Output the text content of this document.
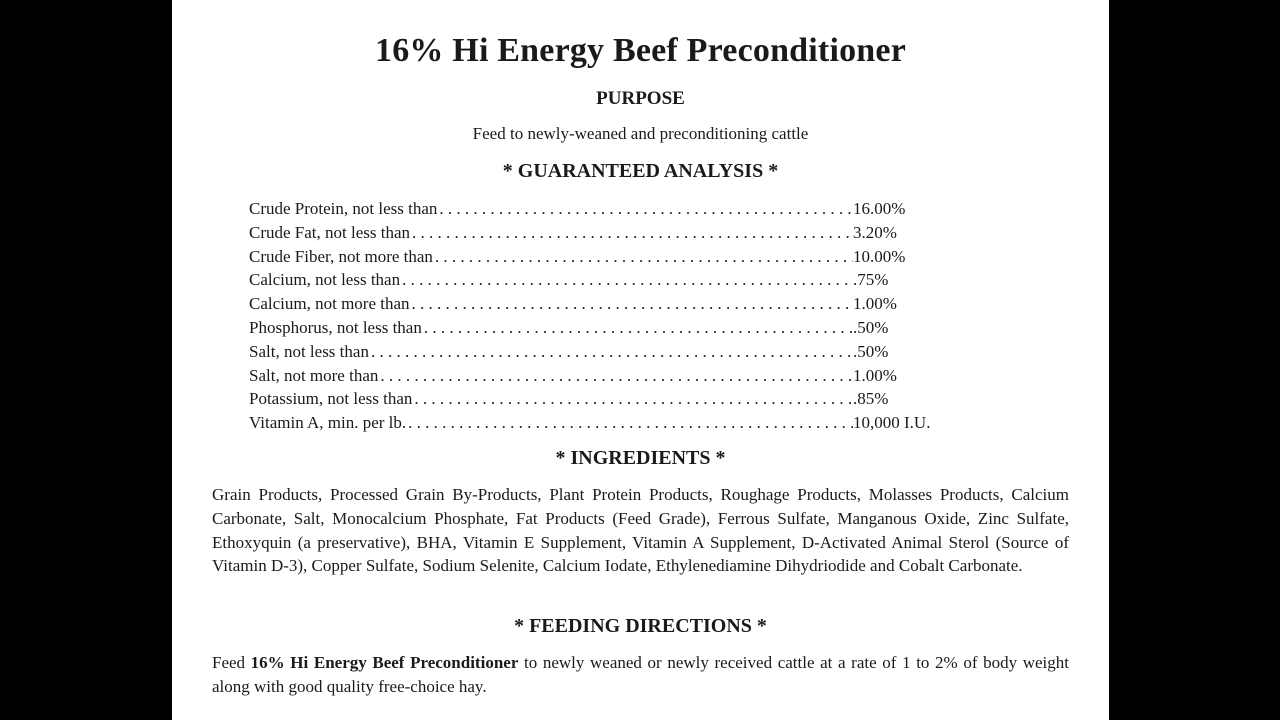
16% Hi Energy Beef Preconditioner
PURPOSE
Feed to newly-weaned and preconditioning cattle
* GUARANTEED ANALYSIS *
Crude Protein, not less than . . .	16.00%
Crude Fat, not less than . . .	3.20%
Crude Fiber, not more than . . .	10.00%
Calcium, not less than . . .	.75%
Calcium, not more than . . .	1.00%
Phosphorus, not less than . . .	.50%
Salt, not less than . . .	.50%
Salt, not more than . . .	1.00%
Potassium, not less than . . .	.85%
Vitamin A, min. per lb. . . .	10,000 I.U.
* INGREDIENTS *
Grain Products, Processed Grain By-Products, Plant Protein Products, Roughage Products, Molasses Products, Calcium Carbonate, Salt, Monocalcium Phosphate, Fat Products (Feed Grade), Ferrous Sulfate, Manganous Oxide, Zinc Sulfate, Ethoxyquin (a preservative), BHA, Vitamin E Supplement, Vitamin A Supplement, D-Activated Animal Sterol (Source of Vitamin D-3), Copper Sulfate, Sodium Selenite, Calcium Iodate, Ethylenediamine Dihydriodide and Cobalt Carbonate.
* FEEDING DIRECTIONS *
Feed 16% Hi Energy Beef Preconditioner to newly weaned or newly received cattle at a rate of 1 to 2% of body weight along with good quality free-choice hay.
